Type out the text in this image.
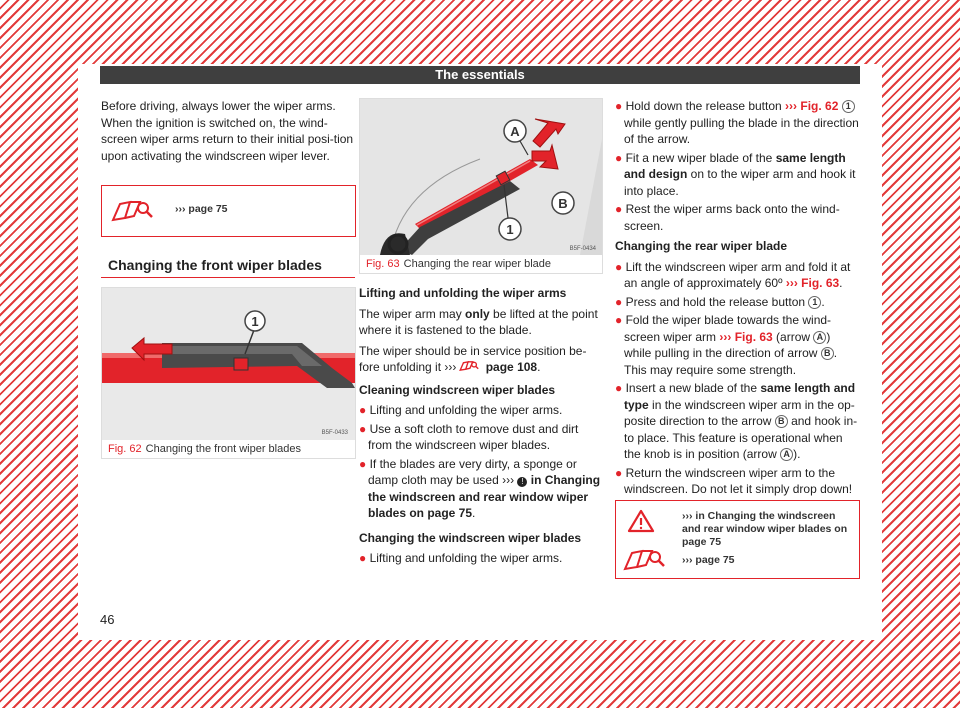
The essentials

Before driving, always lower the wiper arms. When the ignition is switched on, the wind-screen wiper arms return to their initial posi-tion upon activating the windscreen wiper lever.

››› page 75
Changing the front wiper blades
1
B5F-0433
Fig. 62 Changing the front wiper blades
A
B
1
B5F-0434
Fig. 63 Changing the rear wiper blade

Lifting and unfolding the wiper arms

The wiper arm may only be lifted at the point where it is fastened to the blade.

The wiper should be in service position be-fore unfolding it ››› page 108.

Cleaning windscreen wiper blades

● Lifting and unfolding the wiper arms.
● Use a soft cloth to remove dust and dirt from the windscreen wiper blades.
● If the blades are very dirty, a sponge or damp cloth may be used ››› ! in Changing the windscreen and rear window wiper blades on page 75.

Changing the windscreen wiper blades

● Lifting and unfolding the wiper arms.
● Hold down the release button ››› Fig. 62 1 while gently pulling the blade in the direction of the arrow.
● Fit a new wiper blade of the same length and design on to the wiper arm and hook it into place.
● Rest the wiper arms back onto the wind-screen.

Changing the rear wiper blade

● Lift the windscreen wiper arm and fold it at an angle of approximately 60º ››› Fig. 63.
● Press and hold the release button 1 .
● Fold the wiper blade towards the wind-screen wiper arm ››› Fig. 63 (arrow A ) while pulling in the direction of arrow B . This may require some strength.
● Insert a new blade of the same length and type in the windscreen wiper arm in the op-posite direction to the arrow B and hook in-to place. This feature is operational when the knob is in position (arrow A ).
● Return the windscreen wiper arm to the windscreen. Do not let it simply drop down!
››› in Changing the windscreen and rear window wiper blades on page 75
››› page 75
46
